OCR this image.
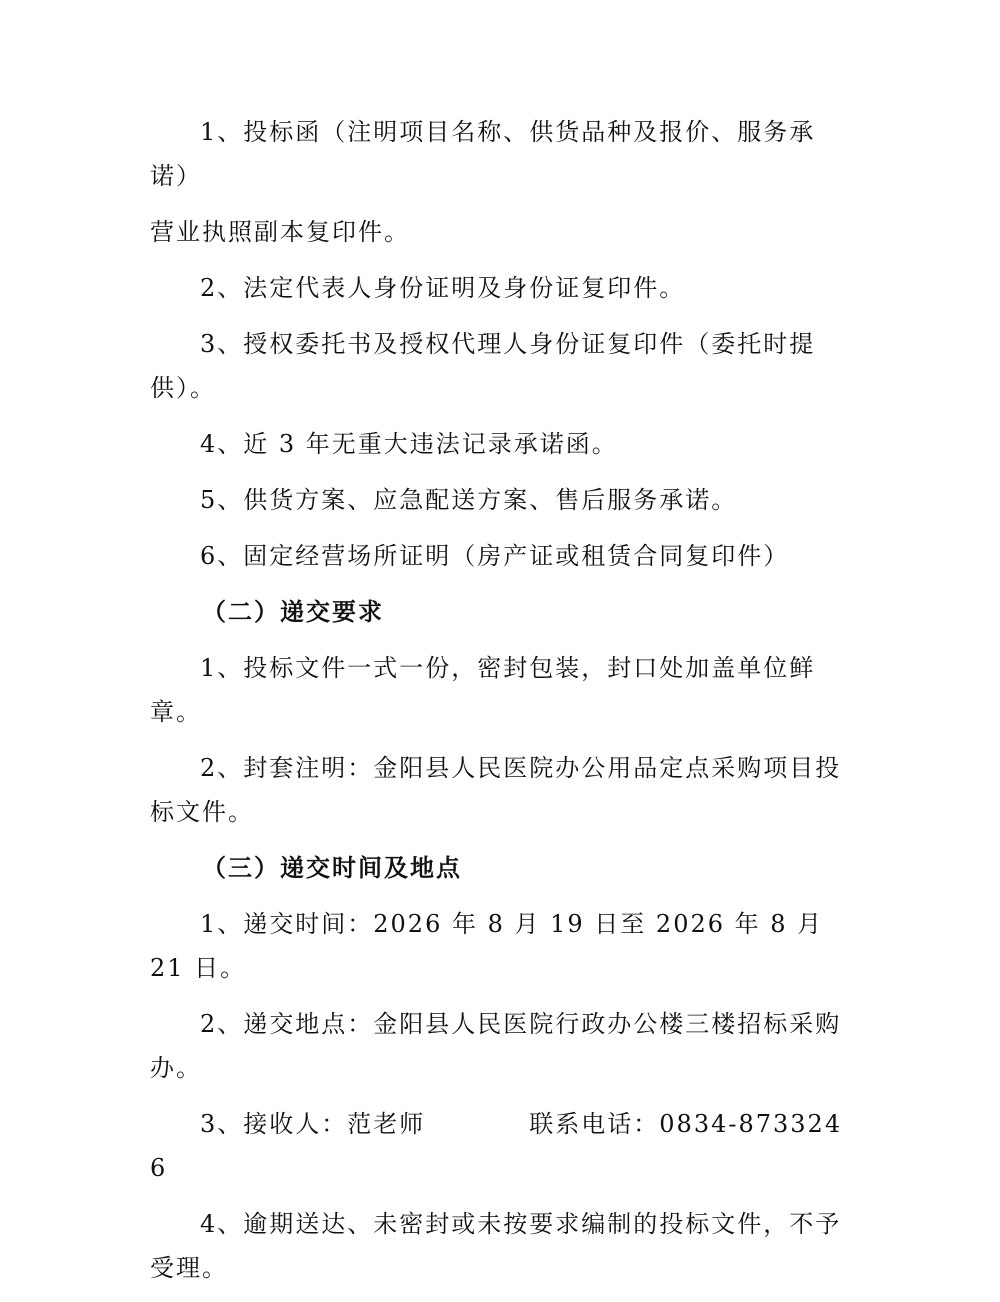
1、投标函（注明项目名称、供货品种及报价、服务承诺）

营业执照副本复印件。

2、法定代表人身份证明及身份证复印件。

3、授权委托书及授权代理人身份证复印件（委托时提供）。

4、近 3 年无重大违法记录承诺函。

5、供货方案、应急配送方案、售后服务承诺。

6、固定经营场所证明（房产证或租赁合同复印件）

（二）递交要求

1、投标文件一式一份，密封包装，封口处加盖单位鲜章。

2、封套注明：金阳县人民医院办公用品定点采购项目投标文件。

（三）递交时间及地点

1、递交时间：2026 年 8 月 19 日至 2026 年 8 月 21 日。

2、递交地点：金阳县人民医院行政办公楼三楼招标采购办。

3、接收人：范老师	联系电话：0834-8733246

4、逾期送达、未密封或未按要求编制的投标文件，不予受理。
